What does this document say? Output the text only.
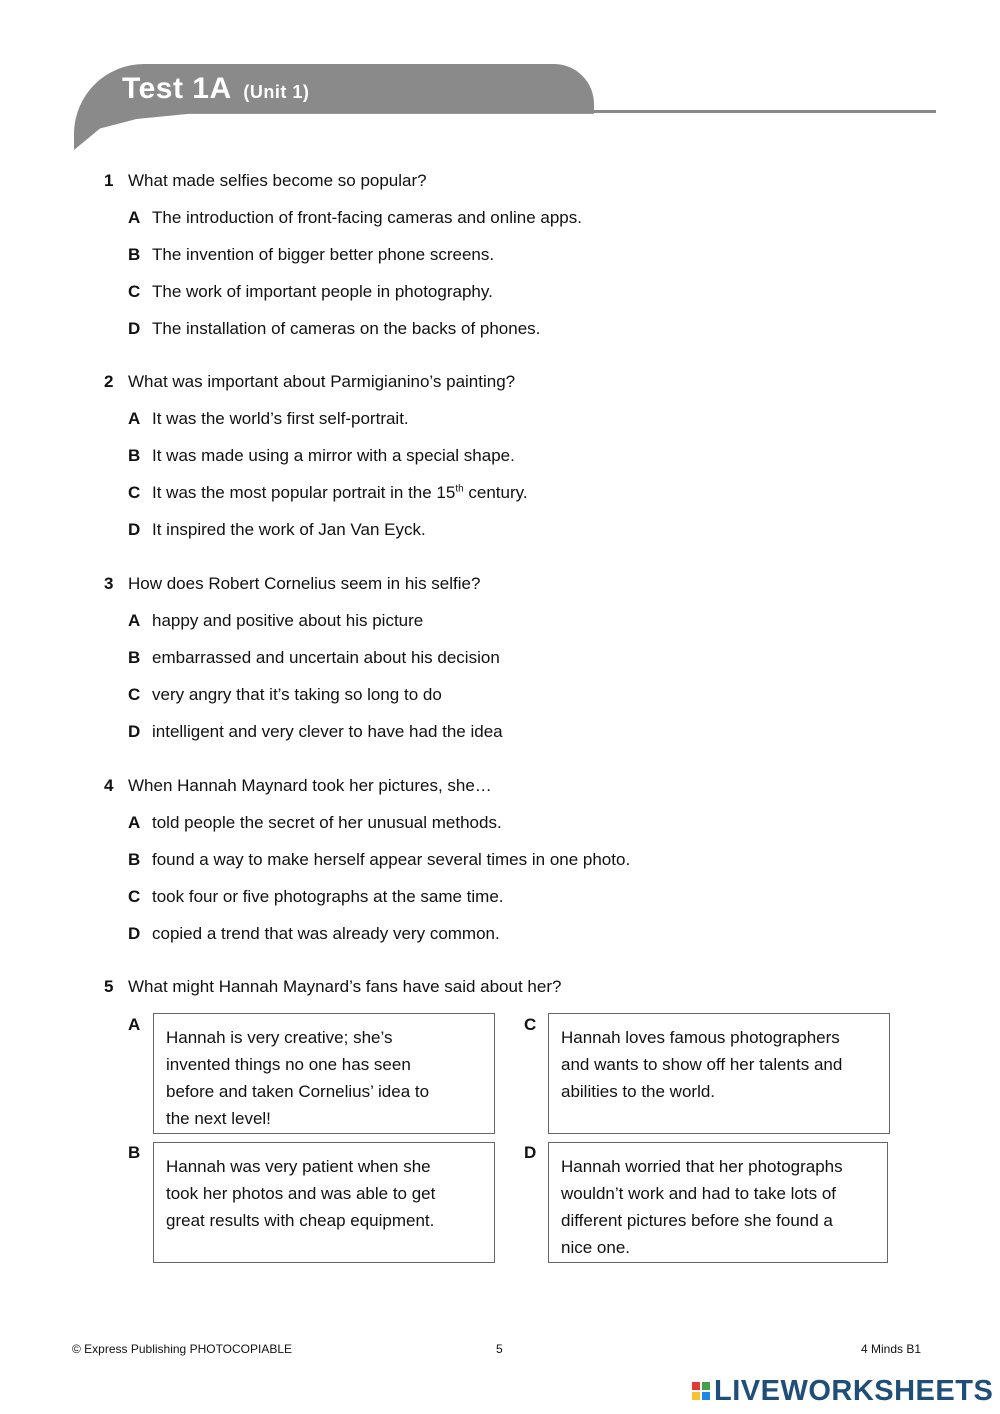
Test 1A (Unit 1)
1 What made selfies become so popular?
A The introduction of front-facing cameras and online apps.
B The invention of bigger better phone screens.
C The work of important people in photography.
D The installation of cameras on the backs of phones.
2 What was important about Parmigianino’s painting?
A It was the world’s first self-portrait.
B It was made using a mirror with a special shape.
C It was the most popular portrait in the 15th century.
D It inspired the work of Jan Van Eyck.
3 How does Robert Cornelius seem in his selfie?
A happy and positive about his picture
B embarrassed and uncertain about his decision
C very angry that it’s taking so long to do
D intelligent and very clever to have had the idea
4 When Hannah Maynard took her pictures, she…
A told people the secret of her unusual methods.
B found a way to make herself appear several times in one photo.
C took four or five photographs at the same time.
D copied a trend that was already very common.
5 What might Hannah Maynard’s fans have said about her?
A
Hannah is very creative; she’s
invented things no one has seen
before and taken Cornelius’ idea to
the next level!
C
Hannah loves famous photographers
and wants to show off her talents and
abilities to the world.
B
Hannah was very patient when she
took her photos and was able to get
great results with cheap equipment.
D
Hannah worried that her photographs
wouldn’t work and had to take lots of
different pictures before she found a
nice one.
© Express Publishing PHOTOCOPIABLE	5	4 Minds B1
LIVEWORKSHEETS
